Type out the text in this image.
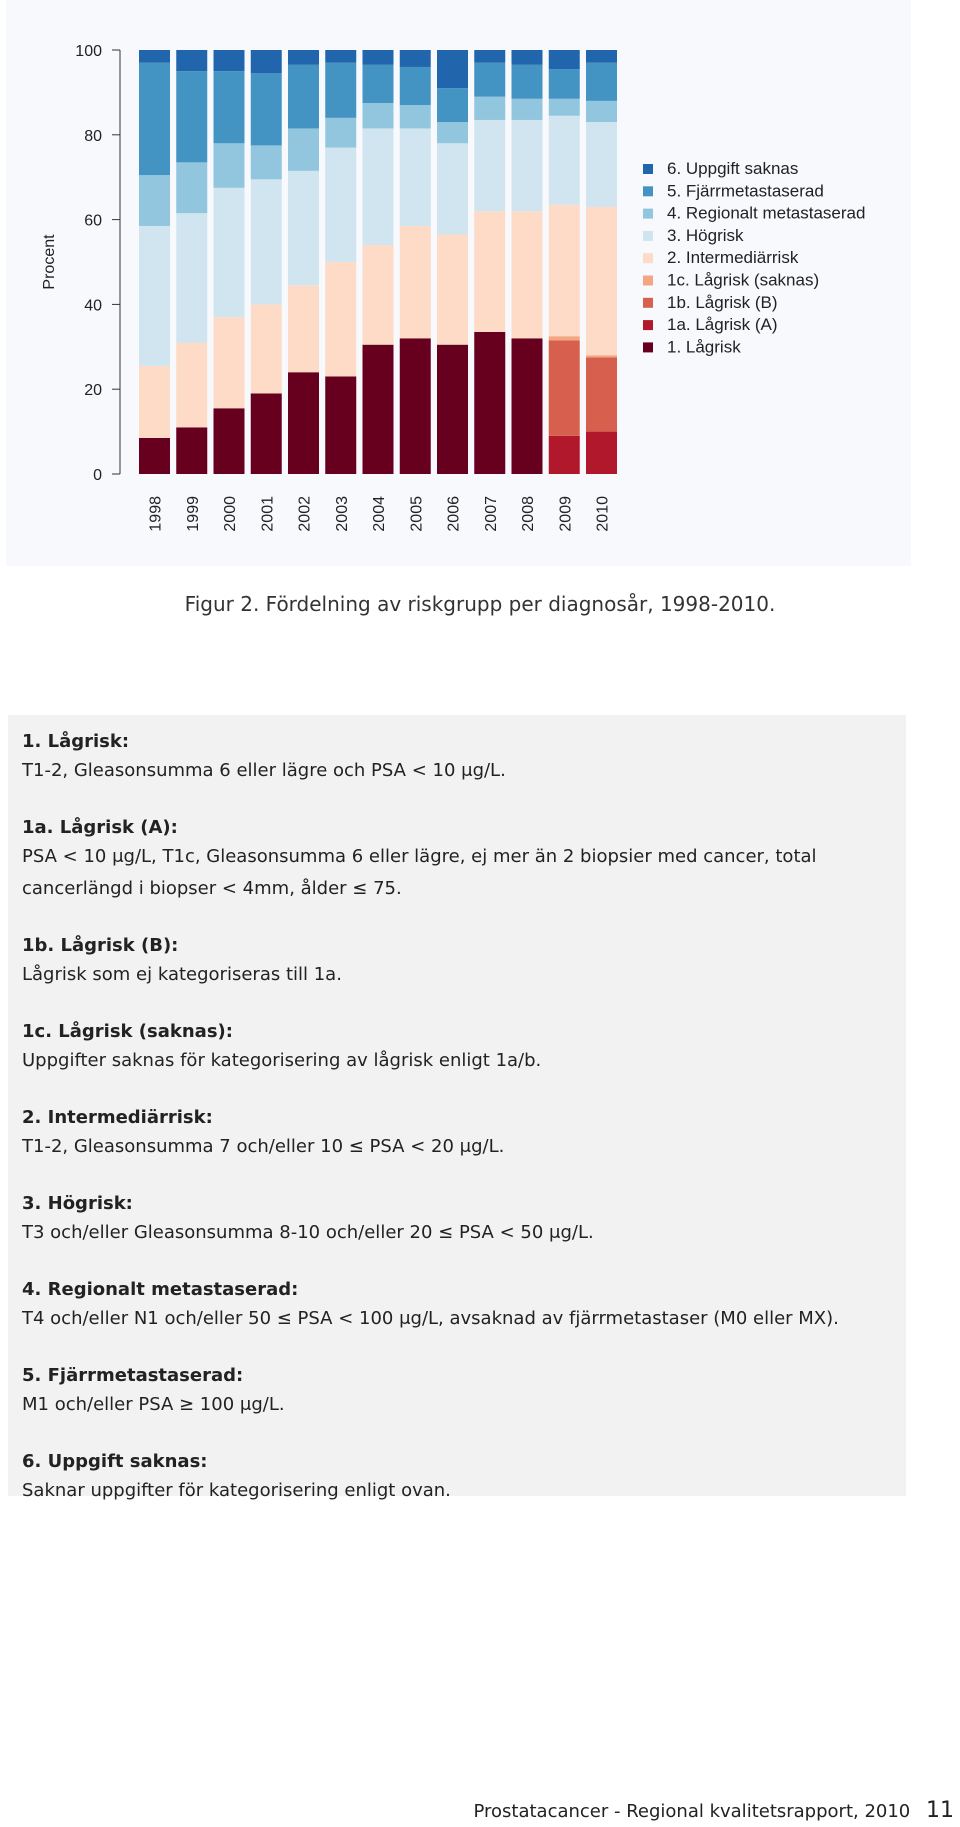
0
20
40
60
80
100
Procent
1998 1999 2000 2001 2002 2003 2004 2005 2006 2007 2008 2009 2010
6. Uppgift saknas
5. Fjärrmetastaserad
4. Regionalt metastaserad
3. Högrisk
2. Intermediärrisk
1c. Lågrisk (saknas)
1b. Lågrisk (B)
1a. Lågrisk (A)
1. Lågrisk
Figur 2. Fördelning av riskgrupp per diagnosår, 1998-2010.
1. Lågrisk:
T1-2, Gleasonsumma 6 eller lägre och PSA < 10 μg/L.
1a. Lågrisk (A):
PSA < 10 μg/L, T1c, Gleasonsumma 6 eller lägre, ej mer än 2 biopsier med cancer, total cancerlängd i biopser < 4mm, ålder ≤ 75.
1b. Lågrisk (B):
Lågrisk som ej kategoriseras till 1a.
1c. Lågrisk (saknas):
Uppgifter saknas för kategorisering av lågrisk enligt 1a/b.
2. Intermediärrisk:
T1-2, Gleasonsumma 7 och/eller 10 ≤ PSA < 20 μg/L.
3. Högrisk:
T3 och/eller Gleasonsumma 8-10 och/eller 20 ≤ PSA < 50 μg/L.
4. Regionalt metastaserad:
T4 och/eller N1 och/eller 50 ≤ PSA < 100 μg/L, avsaknad av fjärrmetastaser (M0 eller MX).
5. Fjärrmetastaserad:
M1 och/eller PSA ≥ 100 μg/L.
6. Uppgift saknas:
Saknar uppgifter för kategorisering enligt ovan.
Prostatacancer - Regional kvalitetsrapport, 2010 11
